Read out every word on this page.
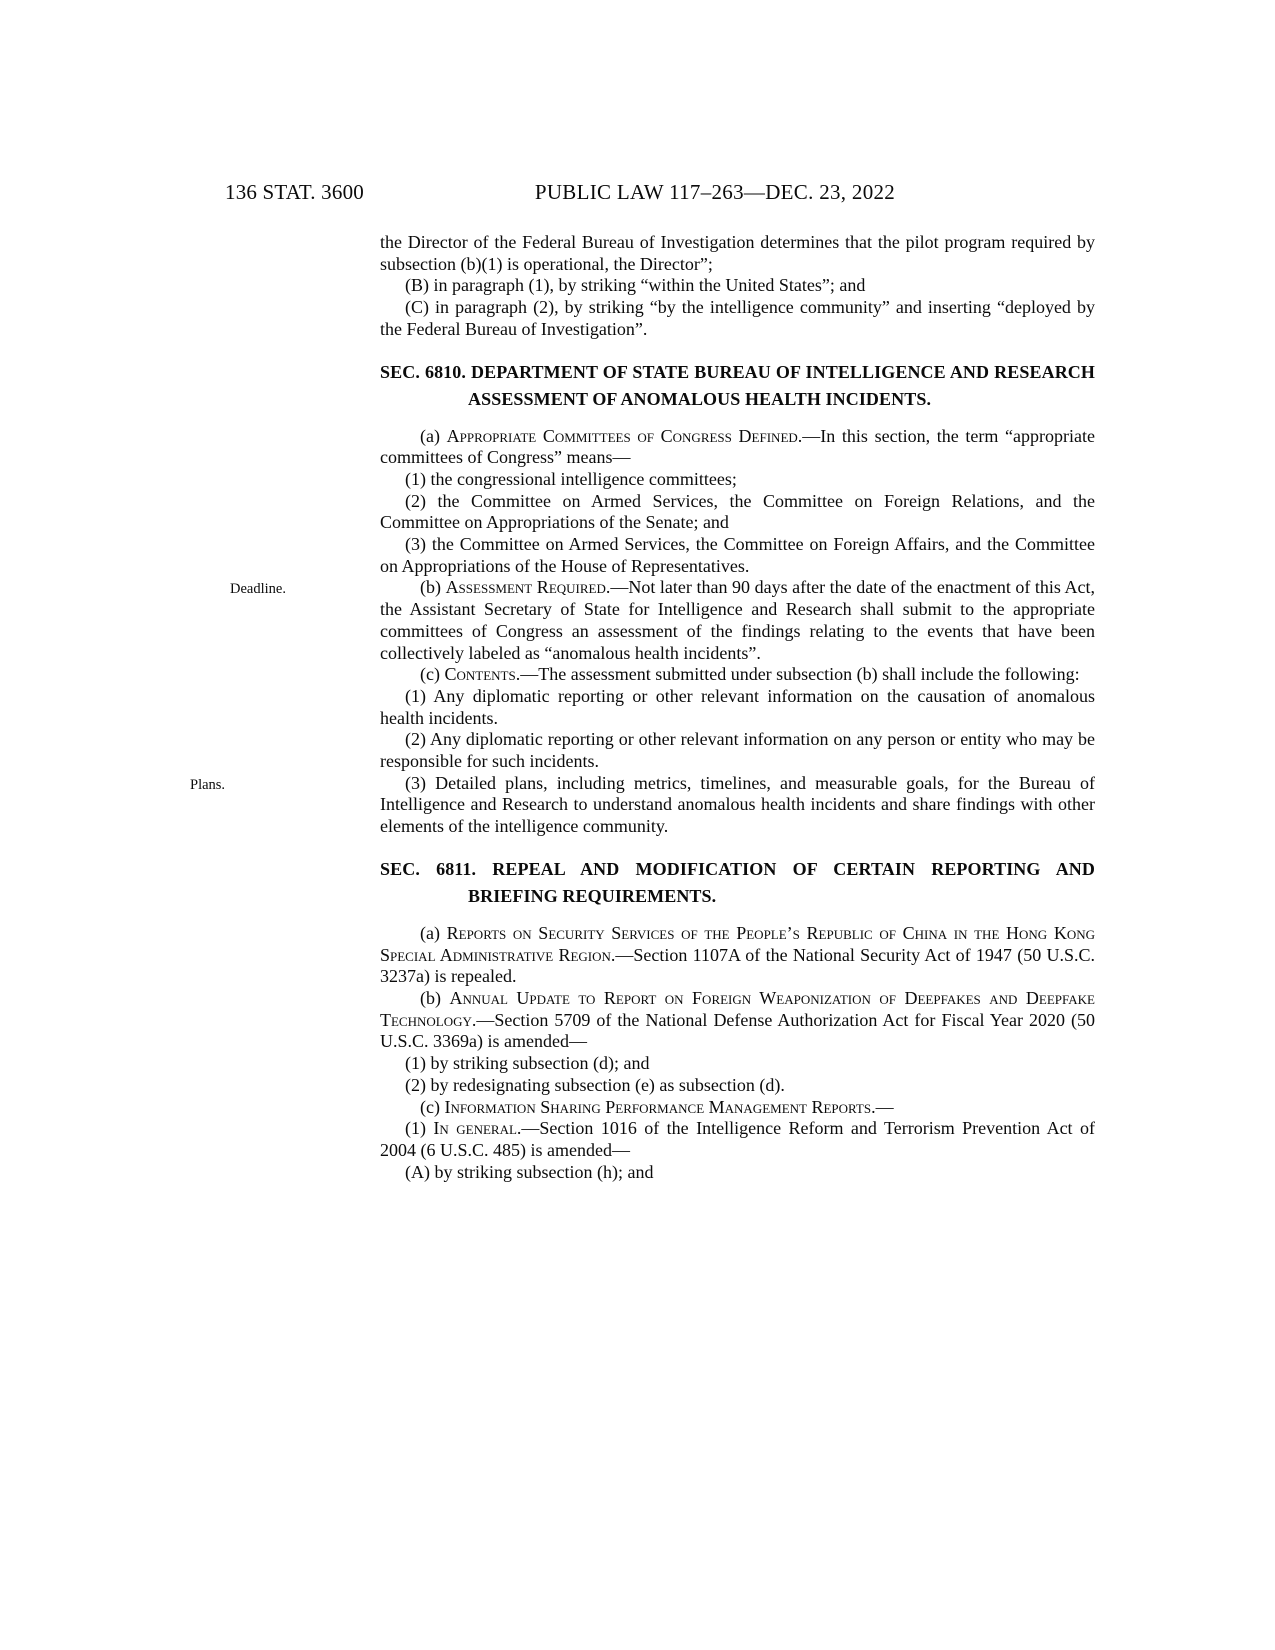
136 STAT. 3600	PUBLIC LAW 117–263—DEC. 23, 2022

the Director of the Federal Bureau of Investigation determines that the pilot program required by subsection (b)(1) is operational, the Director”;

(B) in paragraph (1), by striking “within the United States”; and

(C) in paragraph (2), by striking “by the intelligence community” and inserting “deployed by the Federal Bureau of Investigation”.

SEC. 6810. DEPARTMENT OF STATE BUREAU OF INTELLIGENCE AND RESEARCH ASSESSMENT OF ANOMALOUS HEALTH INCIDENTS.

(a) Appropriate Committees of Congress Defined.—In this section, the term “appropriate committees of Congress” means—

(1) the congressional intelligence committees;

(2) the Committee on Armed Services, the Committee on Foreign Relations, and the Committee on Appropriations of the Senate; and

(3) the Committee on Armed Services, the Committee on Foreign Affairs, and the Committee on Appropriations of the House of Representatives.

Deadline.	(b) Assessment Required.—Not later than 90 days after the date of the enactment of this Act, the Assistant Secretary of State for Intelligence and Research shall submit to the appropriate committees of Congress an assessment of the findings relating to the events that have been collectively labeled as “anomalous health incidents”.

(c) Contents.—The assessment submitted under subsection (b) shall include the following:

(1) Any diplomatic reporting or other relevant information on the causation of anomalous health incidents.

(2) Any diplomatic reporting or other relevant information on any person or entity who may be responsible for such incidents.

Plans.	(3) Detailed plans, including metrics, timelines, and measurable goals, for the Bureau of Intelligence and Research to understand anomalous health incidents and share findings with other elements of the intelligence community.

SEC. 6811. REPEAL AND MODIFICATION OF CERTAIN REPORTING AND BRIEFING REQUIREMENTS.

(a) Reports on Security Services of the People’s Republic of China in the Hong Kong Special Administrative Region.—Section 1107A of the National Security Act of 1947 (50 U.S.C. 3237a) is repealed.

(b) Annual Update to Report on Foreign Weaponization of Deepfakes and Deepfake Technology.—Section 5709 of the National Defense Authorization Act for Fiscal Year 2020 (50 U.S.C. 3369a) is amended—

(1) by striking subsection (d); and

(2) by redesignating subsection (e) as subsection (d).

(c) Information Sharing Performance Management Reports.—

(1) In general.—Section 1016 of the Intelligence Reform and Terrorism Prevention Act of 2004 (6 U.S.C. 485) is amended—

(A) by striking subsection (h); and
